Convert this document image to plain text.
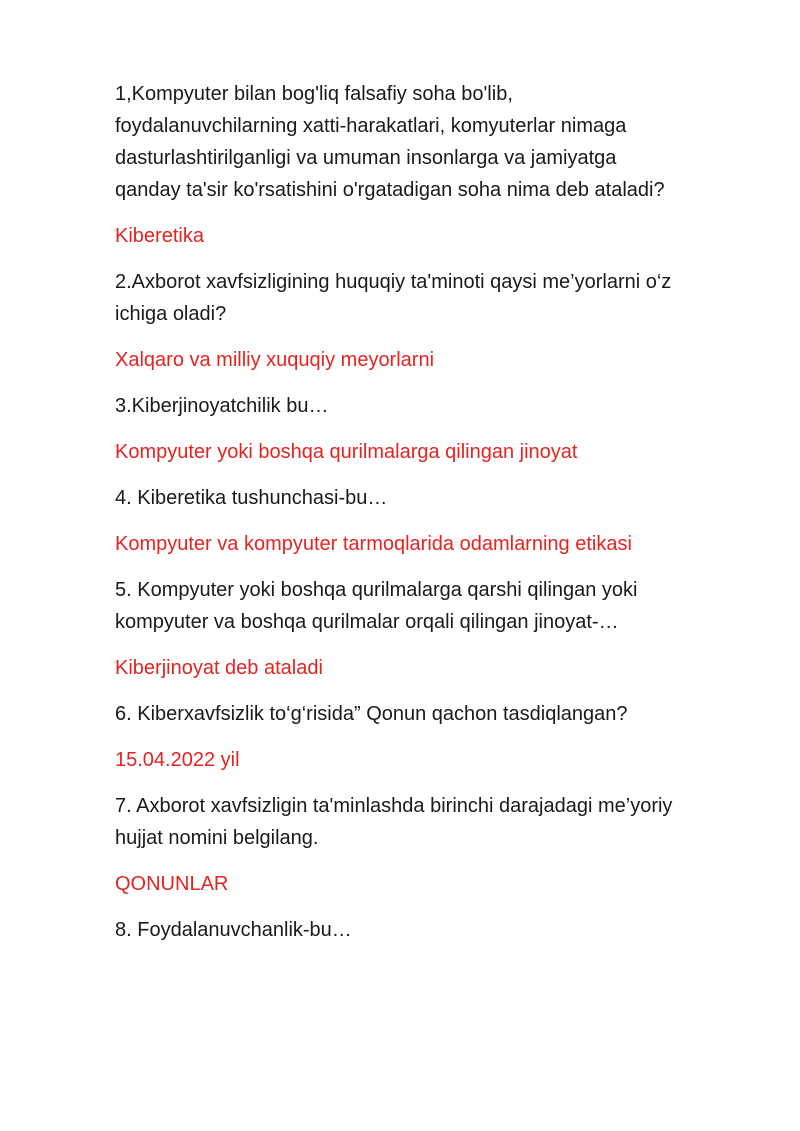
1,Kompyuter bilan bog'liq falsafiy soha bo'lib,
foydalanuvchilarning xatti-harakatlari, komyuterlar nimaga
dasturlashtirilganligi va umuman insonlarga va jamiyatga
qanday ta'sir ko'rsatishini o'rgatadigan soha nima deb ataladi?

Kiberetika

2.Axborot xavfsizligining huquqiy ta'minoti qaysi me’yorlarni o‘z
ichiga oladi?

Xalqaro va milliy xuquqiy meyorlarni

3.Kiberjinoyatchilik bu…

Kompyuter yoki boshqa qurilmalarga qilingan jinoyat

4. Kiberetika tushunchasi-bu…

Kompyuter va kompyuter tarmoqlarida odamlarning etikasi

5. Kompyuter yoki boshqa qurilmalarga qarshi qilingan yoki
kompyuter va boshqa qurilmalar orqali qilingan jinoyat-…

Kiberjinoyat deb ataladi

6. Kiberxavfsizlik to‘g‘risida” Qonun qachon tasdiqlangan?

15.04.2022 yil

7. Axborot xavfsizligin ta'minlashda birinchi darajadagi me’yoriy
hujjat nomini belgilang.

QONUNLAR

8. Foydalanuvchanlik-bu…
